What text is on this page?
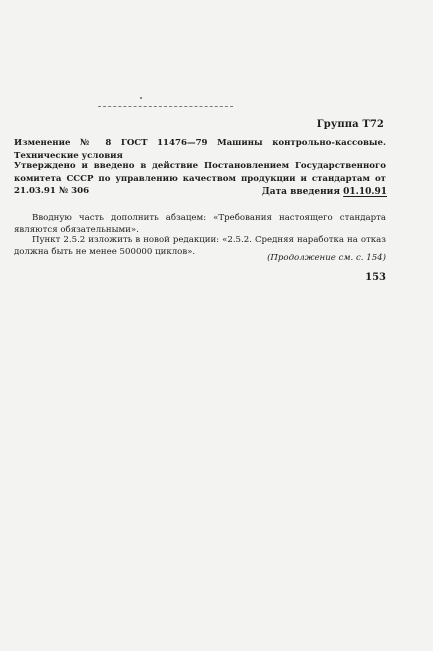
Группа Т72
Изменение № 8 ГОСТ 11476—79 Машины контрольно-кассовые. Технические условия
Утверждено и введено в действие Постановлением Государственного комитета СССР по управлению качеством продукции и стандартам от 21.03.91 № 306	Дата введения 01.10.91
Вводную часть дополнить абзацем: «Требования настоящего стандарта являются обязательными».
Пункт 2.5.2 изложить в новой редакции: «2.5.2. Средняя наработка на отказ должна быть не менее 500000 циклов».
(Продолжение см. с. 154)
153
